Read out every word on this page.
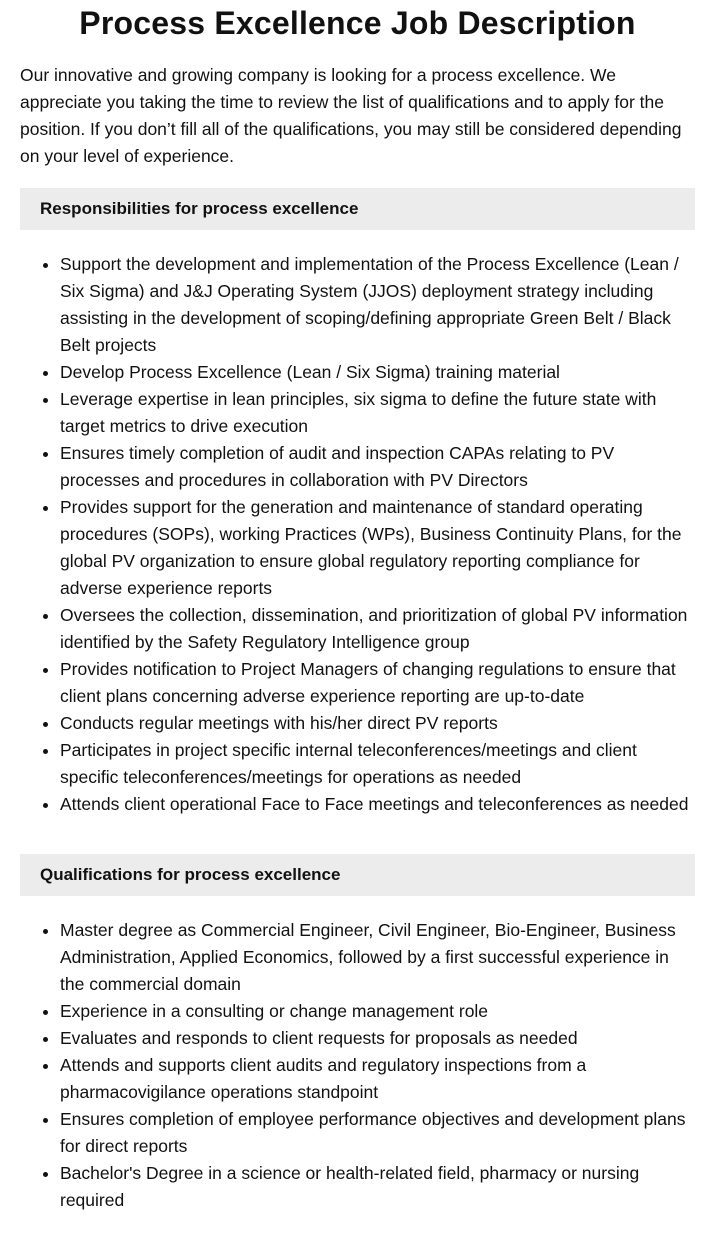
Process Excellence Job Description

Our innovative and growing company is looking for a process excellence. We appreciate you taking the time to review the list of qualifications and to apply for the position. If you don’t fill all of the qualifications, you may still be considered depending on your level of experience.

Responsibilities for process excellence
• Support the development and implementation of the Process Excellence (Lean / Six Sigma) and J&J Operating System (JJOS) deployment strategy including assisting in the development of scoping/defining appropriate Green Belt / Black Belt projects
• Develop Process Excellence (Lean / Six Sigma) training material
• Leverage expertise in lean principles, six sigma to define the future state with target metrics to drive execution
• Ensures timely completion of audit and inspection CAPAs relating to PV processes and procedures in collaboration with PV Directors
• Provides support for the generation and maintenance of standard operating procedures (SOPs), working Practices (WPs), Business Continuity Plans, for the global PV organization to ensure global regulatory reporting compliance for adverse experience reports
• Oversees the collection, dissemination, and prioritization of global PV information identified by the Safety Regulatory Intelligence group
• Provides notification to Project Managers of changing regulations to ensure that client plans concerning adverse experience reporting are up-to-date
• Conducts regular meetings with his/her direct PV reports
• Participates in project specific internal teleconferences/meetings and client specific teleconferences/meetings for operations as needed
• Attends client operational Face to Face meetings and teleconferences as needed
Qualifications for process excellence
• Master degree as Commercial Engineer, Civil Engineer, Bio-Engineer, Business Administration, Applied Economics, followed by a first successful experience in the commercial domain
• Experience in a consulting or change management role
• Evaluates and responds to client requests for proposals as needed
• Attends and supports client audits and regulatory inspections from a pharmacovigilance operations standpoint
• Ensures completion of employee performance objectives and development plans for direct reports
• Bachelor's Degree in a science or health-related field, pharmacy or nursing required
